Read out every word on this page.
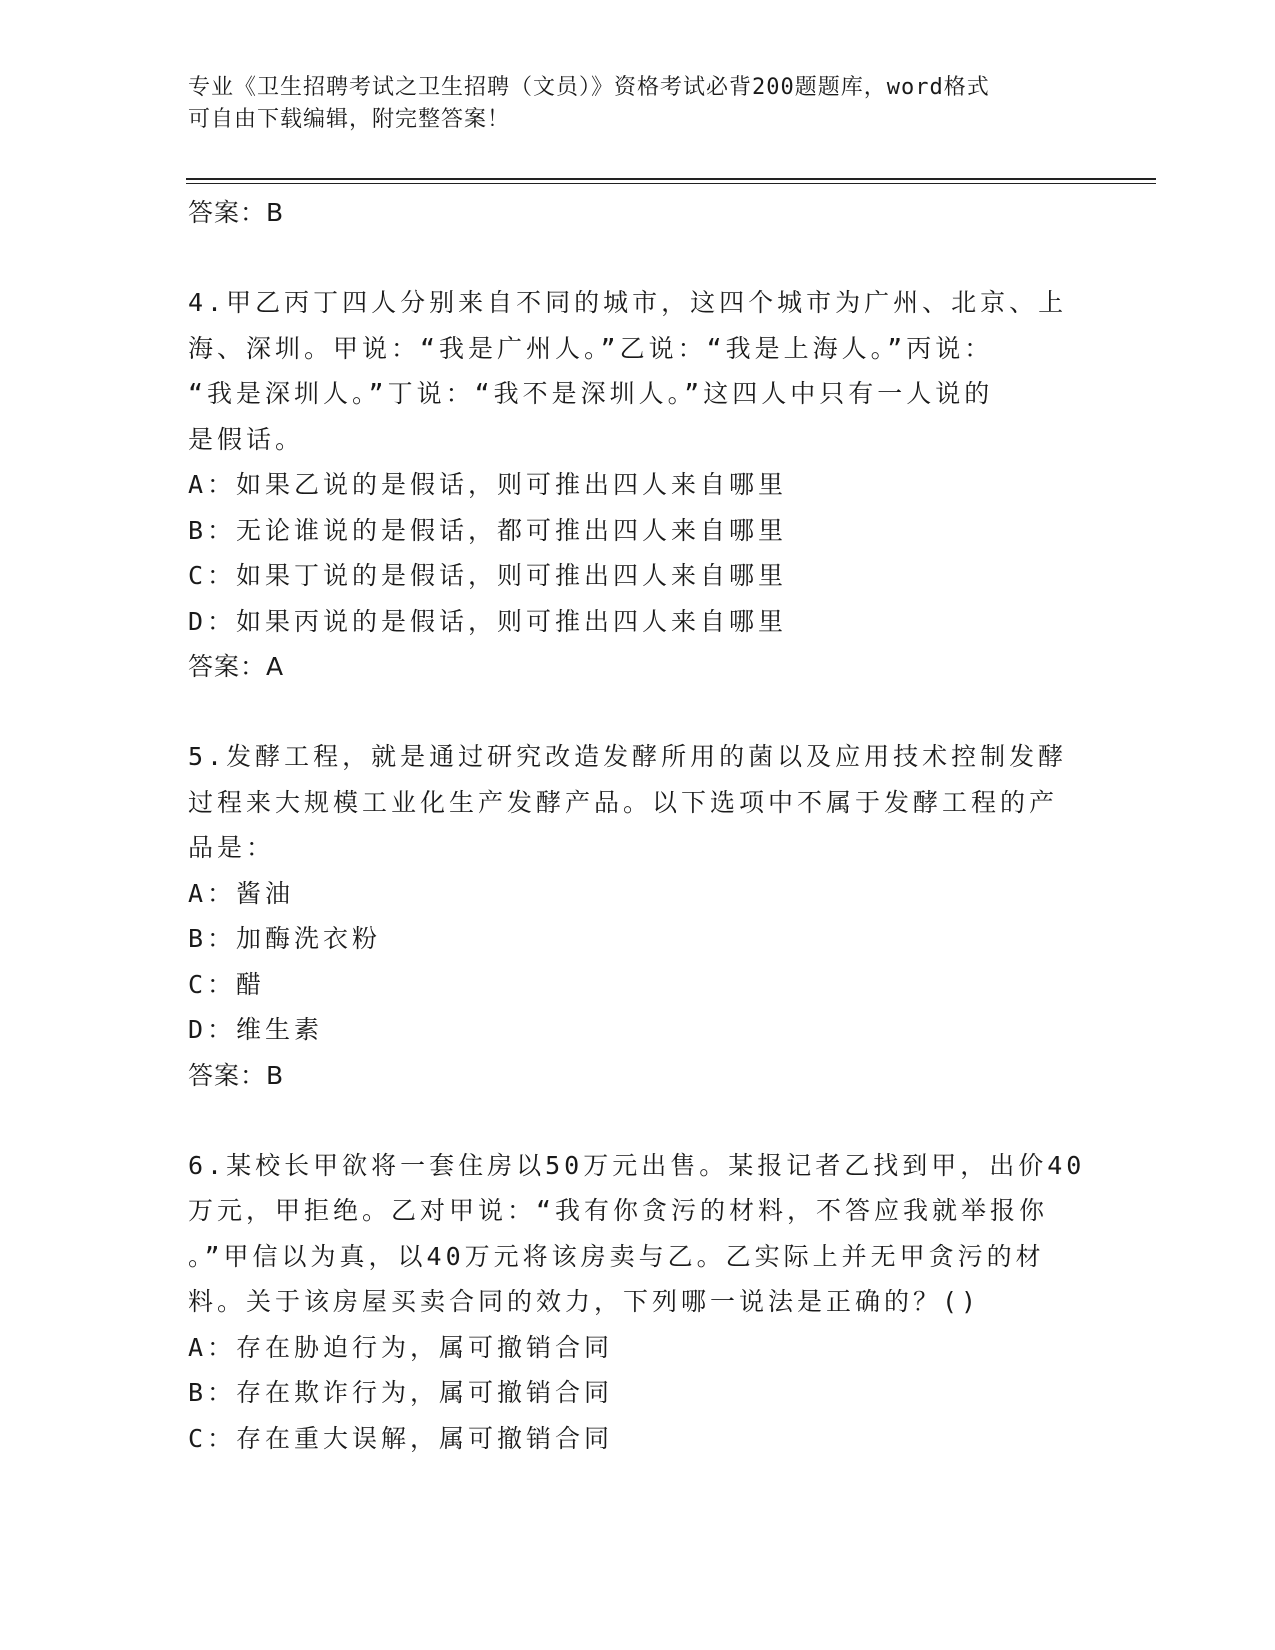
专业《卫生招聘考试之卫生招聘（文员）》资格考试必背200题题库，word格式
可自由下载编辑，附完整答案！
答案：B
4.甲乙丙丁四人分别来自不同的城市，这四个城市为广州、北京、上
海、深圳。甲说：“我是广州人。”乙说：“我是上海人。”丙说：
“我是深圳人。”丁说：“我不是深圳人。”这四人中只有一人说的
是假话。
A：如果乙说的是假话，则可推出四人来自哪里
B：无论谁说的是假话，都可推出四人来自哪里
C：如果丁说的是假话，则可推出四人来自哪里
D：如果丙说的是假话，则可推出四人来自哪里
答案：A
5.发酵工程，就是通过研究改造发酵所用的菌以及应用技术控制发酵
过程来大规模工业化生产发酵产品。以下选项中不属于发酵工程的产
品是：
A：酱油
B：加酶洗衣粉
C：醋
D：维生素
答案：B
6.某校长甲欲将一套住房以50万元出售。某报记者乙找到甲，出价40
万元，甲拒绝。乙对甲说：“我有你贪污的材料，不答应我就举报你
。”甲信以为真，以40万元将该房卖与乙。乙实际上并无甲贪污的材
料。关于该房屋买卖合同的效力，下列哪一说法是正确的？()
A：存在胁迫行为，属可撤销合同
B：存在欺诈行为，属可撤销合同
C：存在重大误解，属可撤销合同
